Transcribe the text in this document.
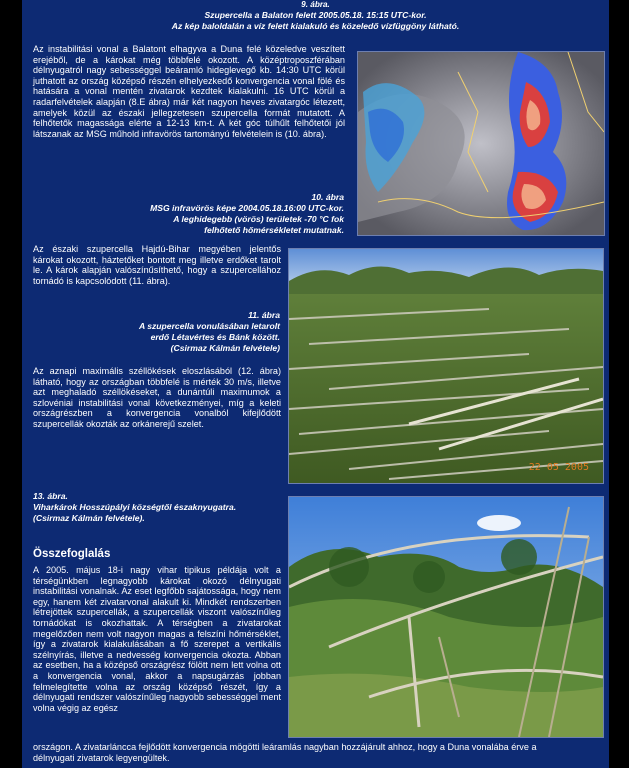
9. ábra.
Szupercella a Balaton felett 2005.05.18. 15:15 UTC-kor.
Az kép baloldalán a víz felett kialakuló és közeledő vízfüggöny látható.
Az instabilitási vonal a Balatont elhagyva a Duna felé közeledve veszített erejéből, de a károkat még többfelé okozott. A középtroposzférában délnyugatról nagy sebességgel beáramló hideglevegő kb. 14:30 UTC körül juthatott az ország középső részén elhelyezkedő konvergencia vonal fölé és hatására a vonal mentén zivatarok kezdtek kialakulni. 16 UTC körül a radarfelvételek alapján (8.E ábra) már két nagyon heves zivatargóc létezett, amelyek közül az északi jellegzetesen szupercella formát mutatott. A felhőtetők magassága elérte a 12-13 km-t. A két góc túlhűlt felhőtetői jól látszanak az MSG műhold infravörös tartományú felvételein is (10. ábra).
10. ábra
MSG infravörös képe 2004.05.18.16:00 UTC-kor.
A leghidegebb (vörös) területek -70 °C fok
felhőtető hőmérsékletet mutatnak.
Az északi szupercella Hajdú-Bihar megyében jelentős károkat okozott, háztetőket bontott meg illetve erdőket tarolt le. A károk alapján valószínűsíthető, hogy a szupercellához tornádó is kapcsolódott (11. ábra).
22 05 2005
11. ábra
A szupercella vonulásában letarolt
erdő Létavértes és Bánk között.
(Csirmaz Kálmán felvétele)
Az aznapi maximális széllökések eloszlásából (12. ábra) látható, hogy az országban többfelé is mérték 30 m/s, illetve azt meghaladó széllökéseket, a dunántúli maximumok a szlovéniai instabilitási vonal következményei, míg a keleti országrészben a konvergencia vonalból kifejlődött szupercellák okozták az orkánerejű szelet.
13. ábra.
Viharkárok Hosszúpályi községtől északnyugatra.
(Csirmaz Kálmán felvétele).
Összefoglalás
A 2005. május 18-i nagy vihar tipikus példája volt a térségünkben legnagyobb károkat okozó délnyugati instabilitási vonalnak. Az eset legfőbb sajátossága, hogy nem egy, hanem két zivatarvonal alakult ki. Mindkét rendszerben létrejöttek szupercellák, a szupercellák viszont valószínűleg tornádókat is okozhattak. A térségben a zivatarokat megelőzően nem volt nagyon magas a felszíni hőmérséklet, így a zivatarok kialakulásában a fő szerepet a vertikális szélnyírás, illetve a nedvesség konvergencia okozta. Abban az esetben, ha a középső országrész fölött nem lett volna ott a konvergencia vonal, akkor a napsugárzás jobban felmelegítette volna az ország középső részét, így a délnyugati rendszer valószínűleg nagyobb sebességgel ment volna végig az egész
országon. A zivatarláncca fejlődött konvergencia mögötti leáramlás nagyban hozzájárult ahhoz, hogy a Duna vonalába érve a
délnyugati zivatarok legyengültek.
